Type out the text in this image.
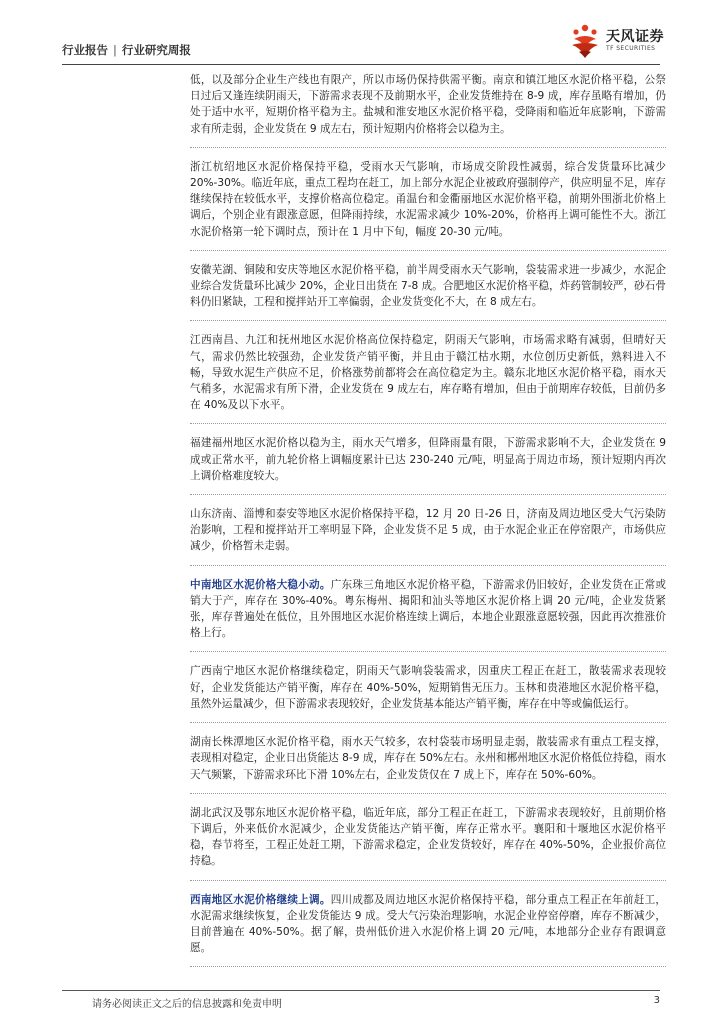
行业报告 | 行业研究周报
天风证券
TF SECURITIES

低，以及部分企业生产线也有限产，所以市场仍保持供需平衡。南京和镇江地区水泥价格平稳，公祭日过后又逢连续阴雨天，下游需求表现不及前期水平，企业发货维持在 8-9 成，库存虽略有增加，仍处于适中水平，短期价格平稳为主。盐城和淮安地区水泥价格平稳，受降雨和临近年底影响，下游需求有所走弱，企业发货在 9 成左右，预计短期内价格将会以稳为主。

浙江杭绍地区水泥价格保持平稳，受雨水天气影响，市场成交阶段性减弱，综合发货量环比减少 20%-30%。临近年底，重点工程均在赶工，加上部分水泥企业被政府强制停产，供应明显不足，库存继续保持在较低水平，支撑价格高位稳定。甬温台和金衢丽地区水泥价格平稳，前期外围浙北价格上调后，个别企业有跟涨意愿，但降雨持续，水泥需求减少 10%-20%，价格再上调可能性不大。浙江水泥价格第一轮下调时点，预计在 1 月中下旬，幅度 20-30 元/吨。

安徽芜湖、铜陵和安庆等地区水泥价格平稳，前半周受雨水天气影响，袋装需求进一步减少，水泥企业综合发货量环比减少 20%，企业日出货在 7-8 成。合肥地区水泥价格平稳，炸药管制较严，砂石骨料仍旧紧缺，工程和搅拌站开工率偏弱，企业发货变化不大，在 8 成左右。

江西南昌、九江和抚州地区水泥价格高位保持稳定，阴雨天气影响，市场需求略有减弱，但晴好天气，需求仍然比较强劲，企业发货产销平衡，并且由于赣江枯水期，水位创历史新低，熟料进入不畅，导致水泥生产供应不足，价格涨势前都将会在高位稳定为主。赣东北地区水泥价格平稳，雨水天气稍多，水泥需求有所下滑，企业发货在 9 成左右，库存略有增加，但由于前期库存较低，目前仍多在 40%及以下水平。

福建福州地区水泥价格以稳为主，雨水天气增多，但降雨量有限，下游需求影响不大，企业发货在 9 成或正常水平，前九轮价格上调幅度累计已达 230-240 元/吨，明显高于周边市场，预计短期内再次上调价格难度较大。

山东济南、淄博和泰安等地区水泥价格保持平稳，12 月 20 日-26 日，济南及周边地区受大气污染防治影响，工程和搅拌站开工率明显下降，企业发货不足 5 成，由于水泥企业正在停窑限产，市场供应减少，价格暂未走弱。

中南地区水泥价格大稳小动。广东珠三角地区水泥价格平稳，下游需求仍旧较好，企业发货在正常或销大于产，库存在 30%-40%。粤东梅州、揭阳和汕头等地区水泥价格上调 20 元/吨，企业发货紧张，库存普遍处在低位，且外围地区水泥价格连续上调后，本地企业跟涨意愿较强，因此再次推涨价格上行。

广西南宁地区水泥价格继续稳定，阴雨天气影响袋装需求，因重庆工程正在赶工，散装需求表现较好，企业发货能达产销平衡，库存在 40%-50%，短期销售无压力。玉林和贵港地区水泥价格平稳，虽然外运量减少，但下游需求表现较好，企业发货基本能达产销平衡，库存在中等或偏低运行。

湖南长株潭地区水泥价格平稳，雨水天气较多，农村袋装市场明显走弱，散装需求有重点工程支撑，表现相对稳定，企业日出货能达 8-9 成，库存在 50%左右。永州和郴州地区水泥价格低位持稳，雨水天气频繁，下游需求环比下滑 10%左右，企业发货仅在 7 成上下，库存在 50%-60%。

湖北武汉及鄂东地区水泥价格平稳，临近年底，部分工程正在赶工，下游需求表现较好，且前期价格下调后，外来低价水泥减少，企业发货能达产销平衡，库存正常水平。襄阳和十堰地区水泥价格平稳，春节将至，工程正处赶工期，下游需求稳定，企业发货较好，库存在 40%-50%，企业报价高位持稳。

西南地区水泥价格继续上调。四川成都及周边地区水泥价格保持平稳，部分重点工程正在年前赶工，水泥需求继续恢复，企业发货能达 9 成。受大气污染治理影响，水泥企业停窑停磨，库存不断减少，目前普遍在 40%-50%。据了解，贵州低价进入水泥价格上调 20 元/吨，本地部分企业存有跟调意愿。

请务必阅读正文之后的信息披露和免责申明	3
